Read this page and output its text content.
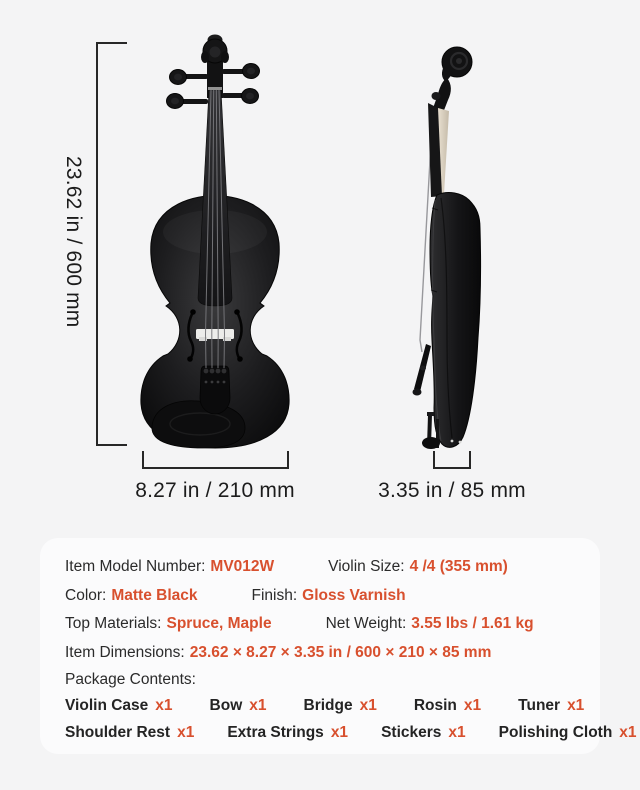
23.62 in / 600 mm
8.27 in / 210 mm	3.35 in / 85 mm
Item Model Number: MV012W	Violin Size: 4 /4 (355 mm)
Color: Matte Black	Finish: Gloss Varnish
Top Materials: Spruce, Maple	Net Weight: 3.55 lbs / 1.61 kg
Item Dimensions: 23.62 × 8.27 × 3.35 in / 600 × 210 × 85 mm
Package Contents:
Violin Case x1 Bow x1 Bridge x1 Rosin x1 Tuner x1
Shoulder Rest x1 Extra Strings x1 Stickers x1 Polishing Cloth x1
